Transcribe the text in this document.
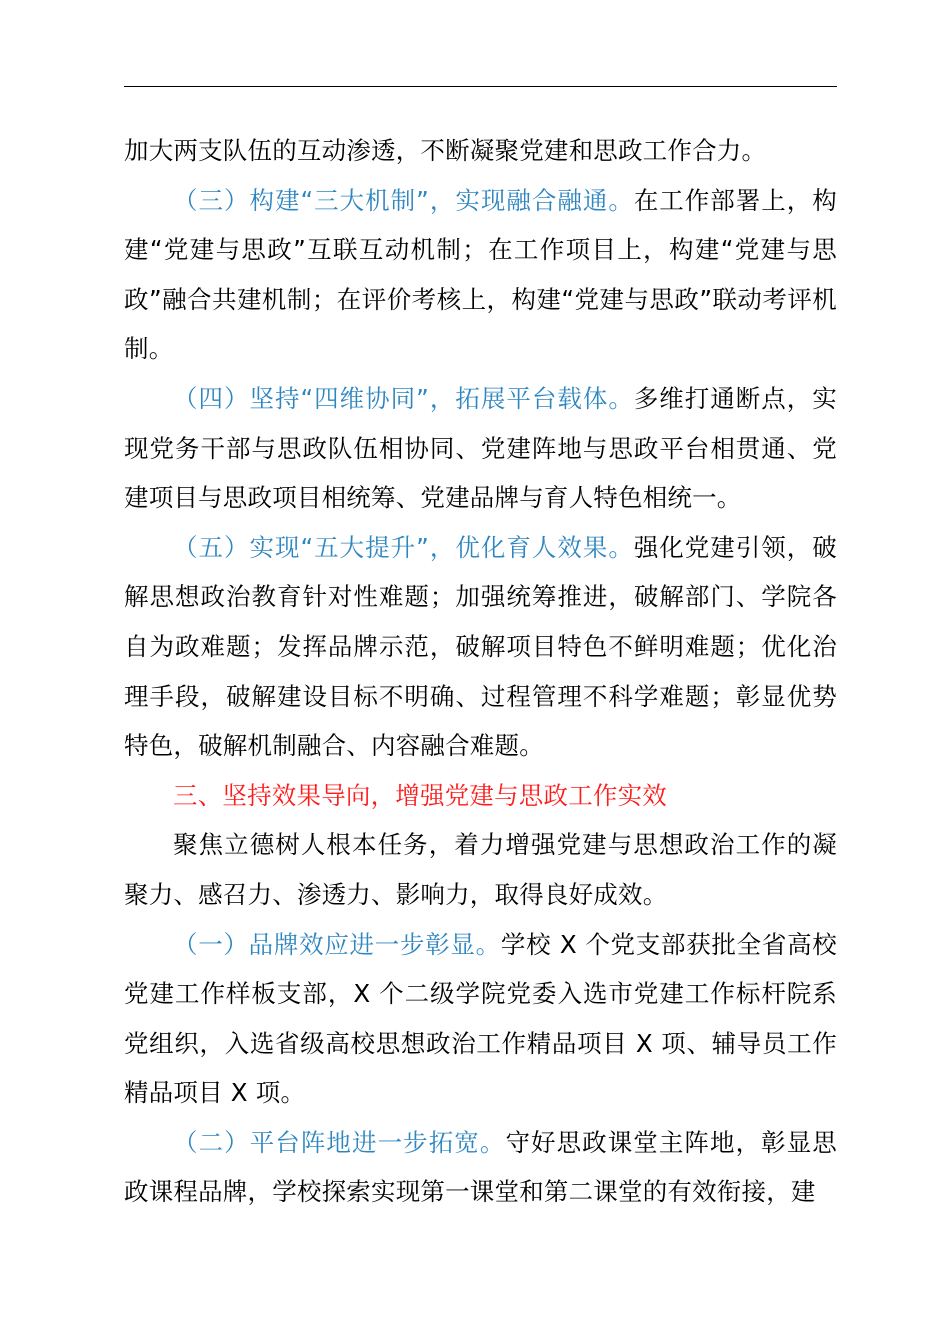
加大两支队伍的互动渗透，不断凝聚党建和思政工作合力。

（三）构建“三大机制”，实现融合融通。在工作部署上，构建“党建与思政”互联互动机制；在工作项目上，构建“党建与思政”融合共建机制；在评价考核上，构建“党建与思政”联动考评机制。

（四）坚持“四维协同”，拓展平台载体。多维打通断点，实现党务干部与思政队伍相协同、党建阵地与思政平台相贯通、党建项目与思政项目相统筹、党建品牌与育人特色相统一。

（五）实现“五大提升”，优化育人效果。强化党建引领，破解思想政治教育针对性难题；加强统筹推进，破解部门、学院各自为政难题；发挥品牌示范，破解项目特色不鲜明难题；优化治理手段，破解建设目标不明确、过程管理不科学难题；彰显优势特色，破解机制融合、内容融合难题。

三、坚持效果导向，增强党建与思政工作实效

聚焦立德树人根本任务，着力增强党建与思想政治工作的凝聚力、感召力、渗透力、影响力，取得良好成效。

（一）品牌效应进一步彰显。学校 X 个党支部获批全省高校党建工作样板支部，X 个二级学院党委入选市党建工作标杆院系党组织，入选省级高校思想政治工作精品项目 X 项、辅导员工作精品项目 X 项。

（二）平台阵地进一步拓宽。守好思政课堂主阵地，彰显思政课程品牌，学校探索实现第一课堂和第二课堂的有效衔接，建
